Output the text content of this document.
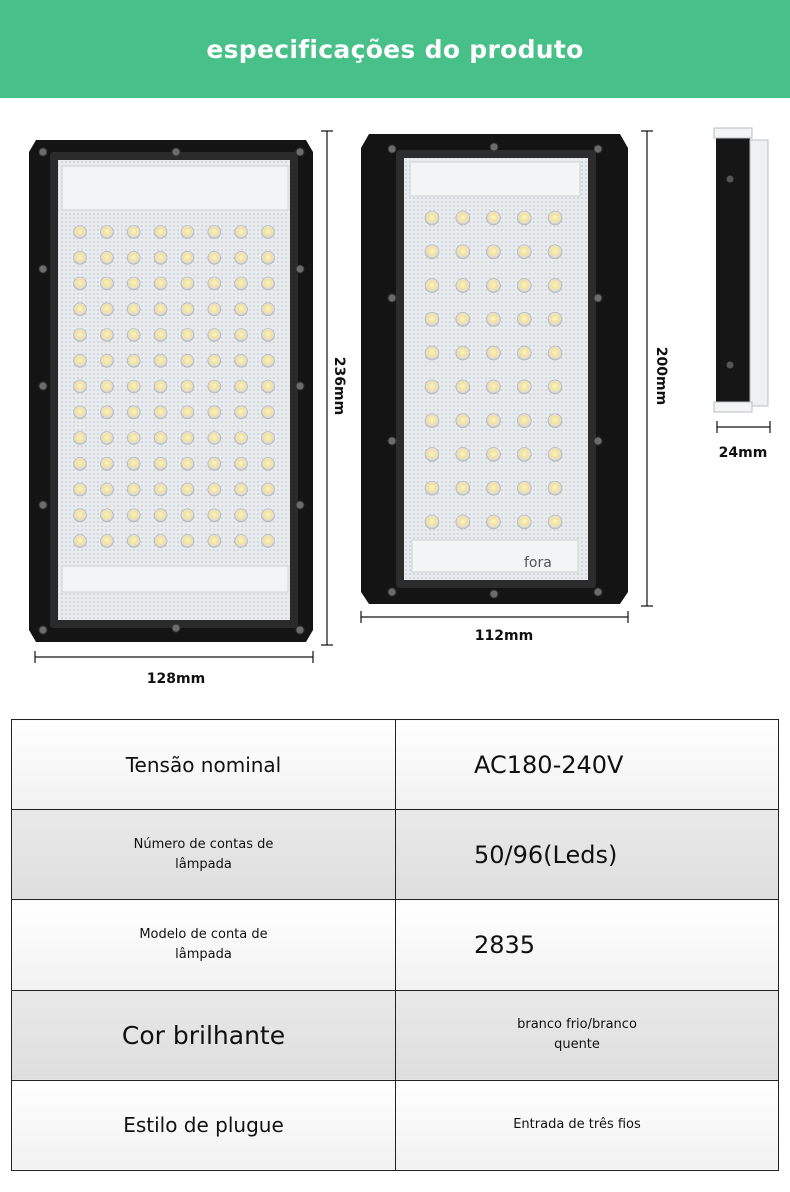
especificações do produto
236mm
128mm
fora
200mm
112mm
24mm
Tensão nominal	AC180-240V
Número de contas de lâmpada	50/96(Leds)
Modelo de conta de lâmpada	2835
Cor brilhante	branco frio/branco quente
Estilo de plugue	Entrada de três fios
